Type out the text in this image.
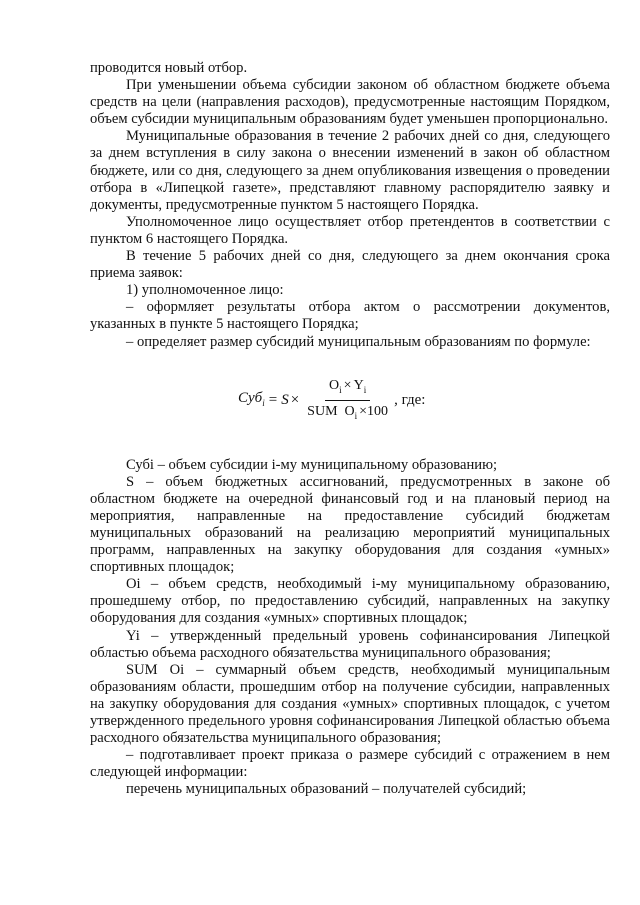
проводится новый отбор.

При уменьшении объема субсидии законом об областном бюджете объема средств на цели (направления расходов), предусмотренные настоящим Порядком, объем субсидии муниципальным образованиям будет уменьшен пропорционально.

Муниципальные образования в течение 2 рабочих дней со дня, следующего за днем вступления в силу закона о внесении изменений в закон об областном бюджете, или со дня, следующего за днем опубликования извещения о проведении отбора в «Липецкой газете», представляют главному распорядителю заявку и документы, предусмотренные пунктом 5 настоящего Порядка.

Уполномоченное лицо осуществляет отбор претендентов в соответствии с пунктом 6 настоящего Порядка.

В течение 5 рабочих дней со дня, следующего за днем окончания срока приема заявок:

1) уполномоченное лицо:

– оформляет результаты отбора актом о рассмотрении документов, указанных в пункте 5 настоящего Порядка;

– определяет размер субсидий муниципальным образованиям по формуле:

$Суб_i = S \times \frac{O_i \times Y_i}{SUM O_i \times 100}$ , где:

Субi – объем субсидии i-му муниципальному образованию;

S – объем бюджетных ассигнований, предусмотренных в законе об областном бюджете на очередной финансовый год и на плановый период на мероприятия, направленные на предоставление субсидий бюджетам муниципальных образований на реализацию мероприятий муниципальных программ, направленных на закупку оборудования для создания «умных» спортивных площадок;

Oi – объем средств, необходимый i-му муниципальному образованию, прошедшему отбор, по предоставлению субсидий, направленных на закупку оборудования для создания «умных» спортивных площадок;

Yi – утвержденный предельный уровень софинансирования Липецкой областью объема расходного обязательства муниципального образования;

SUM Oi – суммарный объем средств, необходимый муниципальным образованиям области, прошедшим отбор на получение субсидии, направленных на закупку оборудования для создания «умных» спортивных площадок, с учетом утвержденного предельного уровня софинансирования Липецкой областью объема расходного обязательства муниципального образования;

– подготавливает проект приказа о размере субсидий с отражением в нем следующей информации:

перечень муниципальных образований – получателей субсидий;
